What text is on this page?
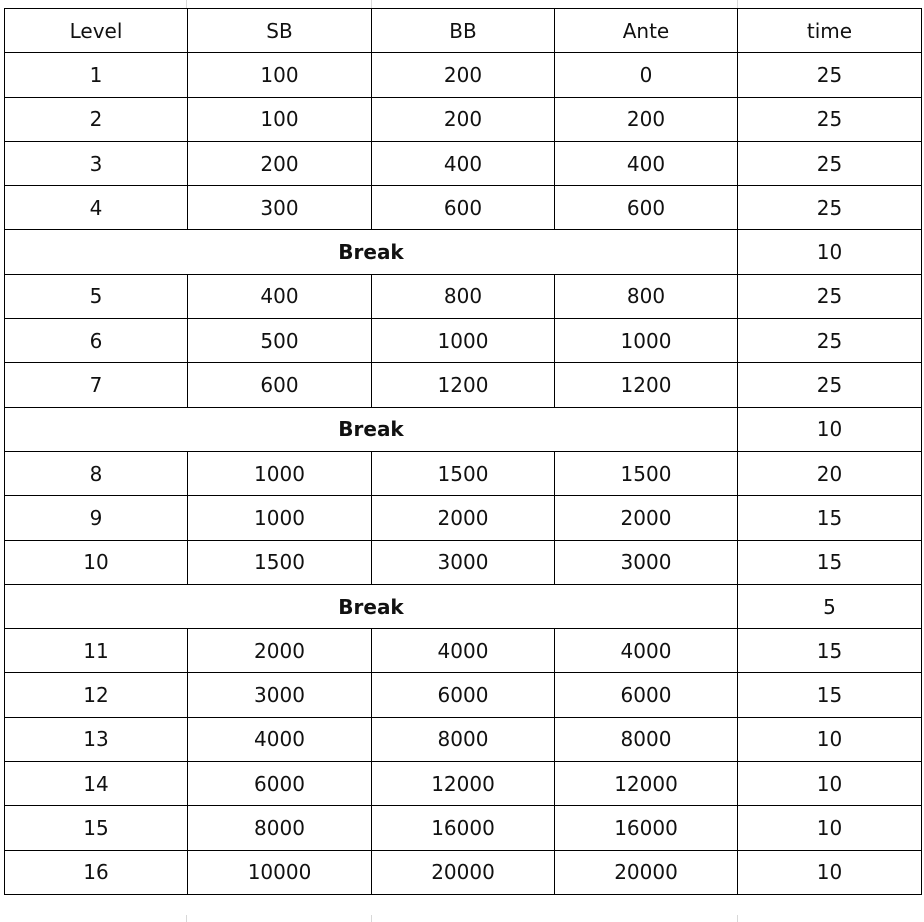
Level	SB	BB	Ante	time
1	100	200	0	25
2	100	200	200	25
3	200	400	400	25
4	300	600	600	25
Break				10
5	400	800	800	25
6	500	1000	1000	25
7	600	1200	1200	25
Break				10
8	1000	1500	1500	20
9	1000	2000	2000	15
10	1500	3000	3000	15
Break				5
11	2000	4000	4000	15
12	3000	6000	6000	15
13	4000	8000	8000	10
14	6000	12000	12000	10
15	8000	16000	16000	10
16	10000	20000	20000	10
